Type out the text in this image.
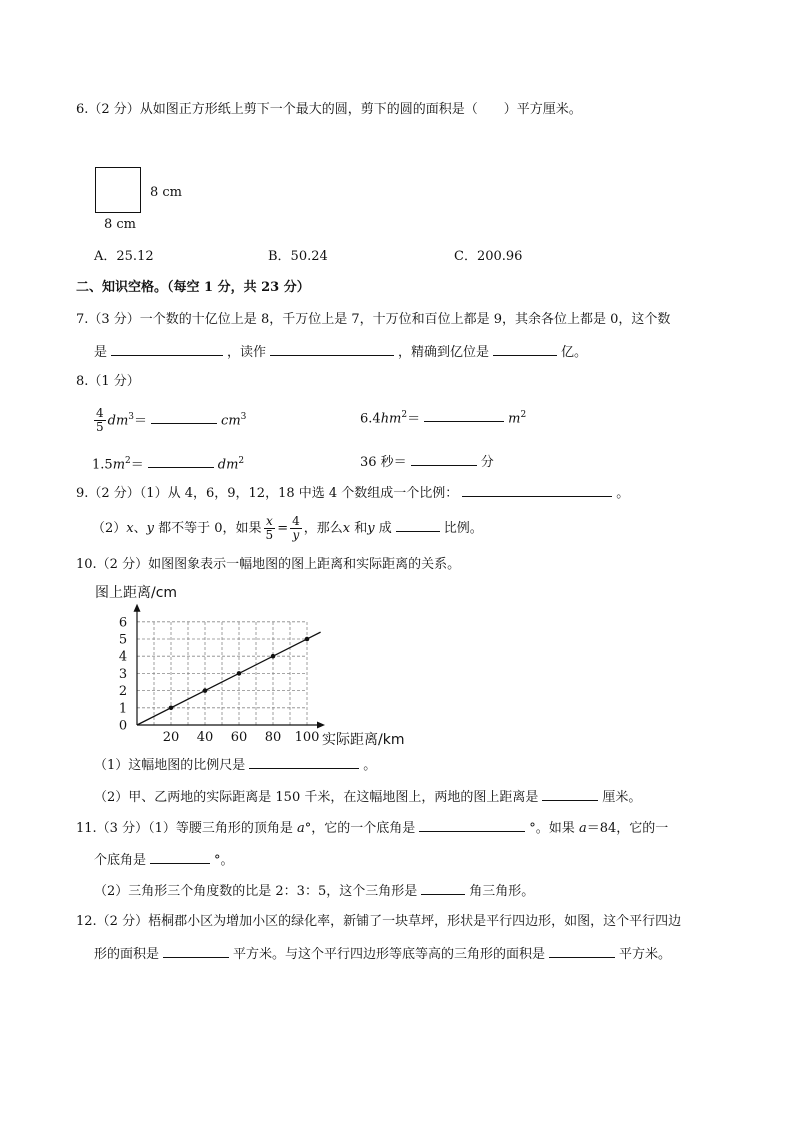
6.（2 分）从如图正方形纸上剪下一个最大的圆，剪下的圆的面积是（　　）平方厘米。
8 cm
8 cm
A．25.12	B．50.24	C．200.96
二、知识空格。（每空 1 分，共 23 分）
7.（3 分）一个数的十亿位上是 8，千万位上是 7，十万位和百位上都是 9，其余各位上都是 0，这个数
是	，读作	，精确到亿位是	亿。
8.（1 分）
$\frac{4}{5} dm^3=$	$cm^3$	$6.4hm^2=$	$m^2$
$1.5m^2=$	$dm^2$	36 秒＝	分
9.（2 分）（1）从 4，6，9，12，18 中选 4 个数组成一个比例：	。
（2）x、y 都不等于 0，如果 $\frac{x}{5} = \frac{4}{y}$ ，那么x 和y 成	比例。
10.（2 分）如图图象表示一幅地图的图上距离和实际距离的关系。
0
1
2
3
4
5
6
20 40 60 80 100
图上距离/cm
实际距离/km
（1）这幅地图的比例尺是	。
（2）甲、乙两地的实际距离是 150 千米，在这幅地图上，两地的图上距离是	厘米。
11.（3 分）（1）等腰三角形的顶角是 a°，它的一个底角是	°。如果 a＝84，它的一
个底角是	°。
（2）三角形三个角度数的比是 2：3：5，这个三角形是	角三角形。
12.（2 分）梧桐郡小区为增加小区的绿化率，新铺了一块草坪，形状是平行四边形，如图，这个平行四边
形的面积是	平方米。与这个平行四边形等底等高的三角形的面积是	平方米。
